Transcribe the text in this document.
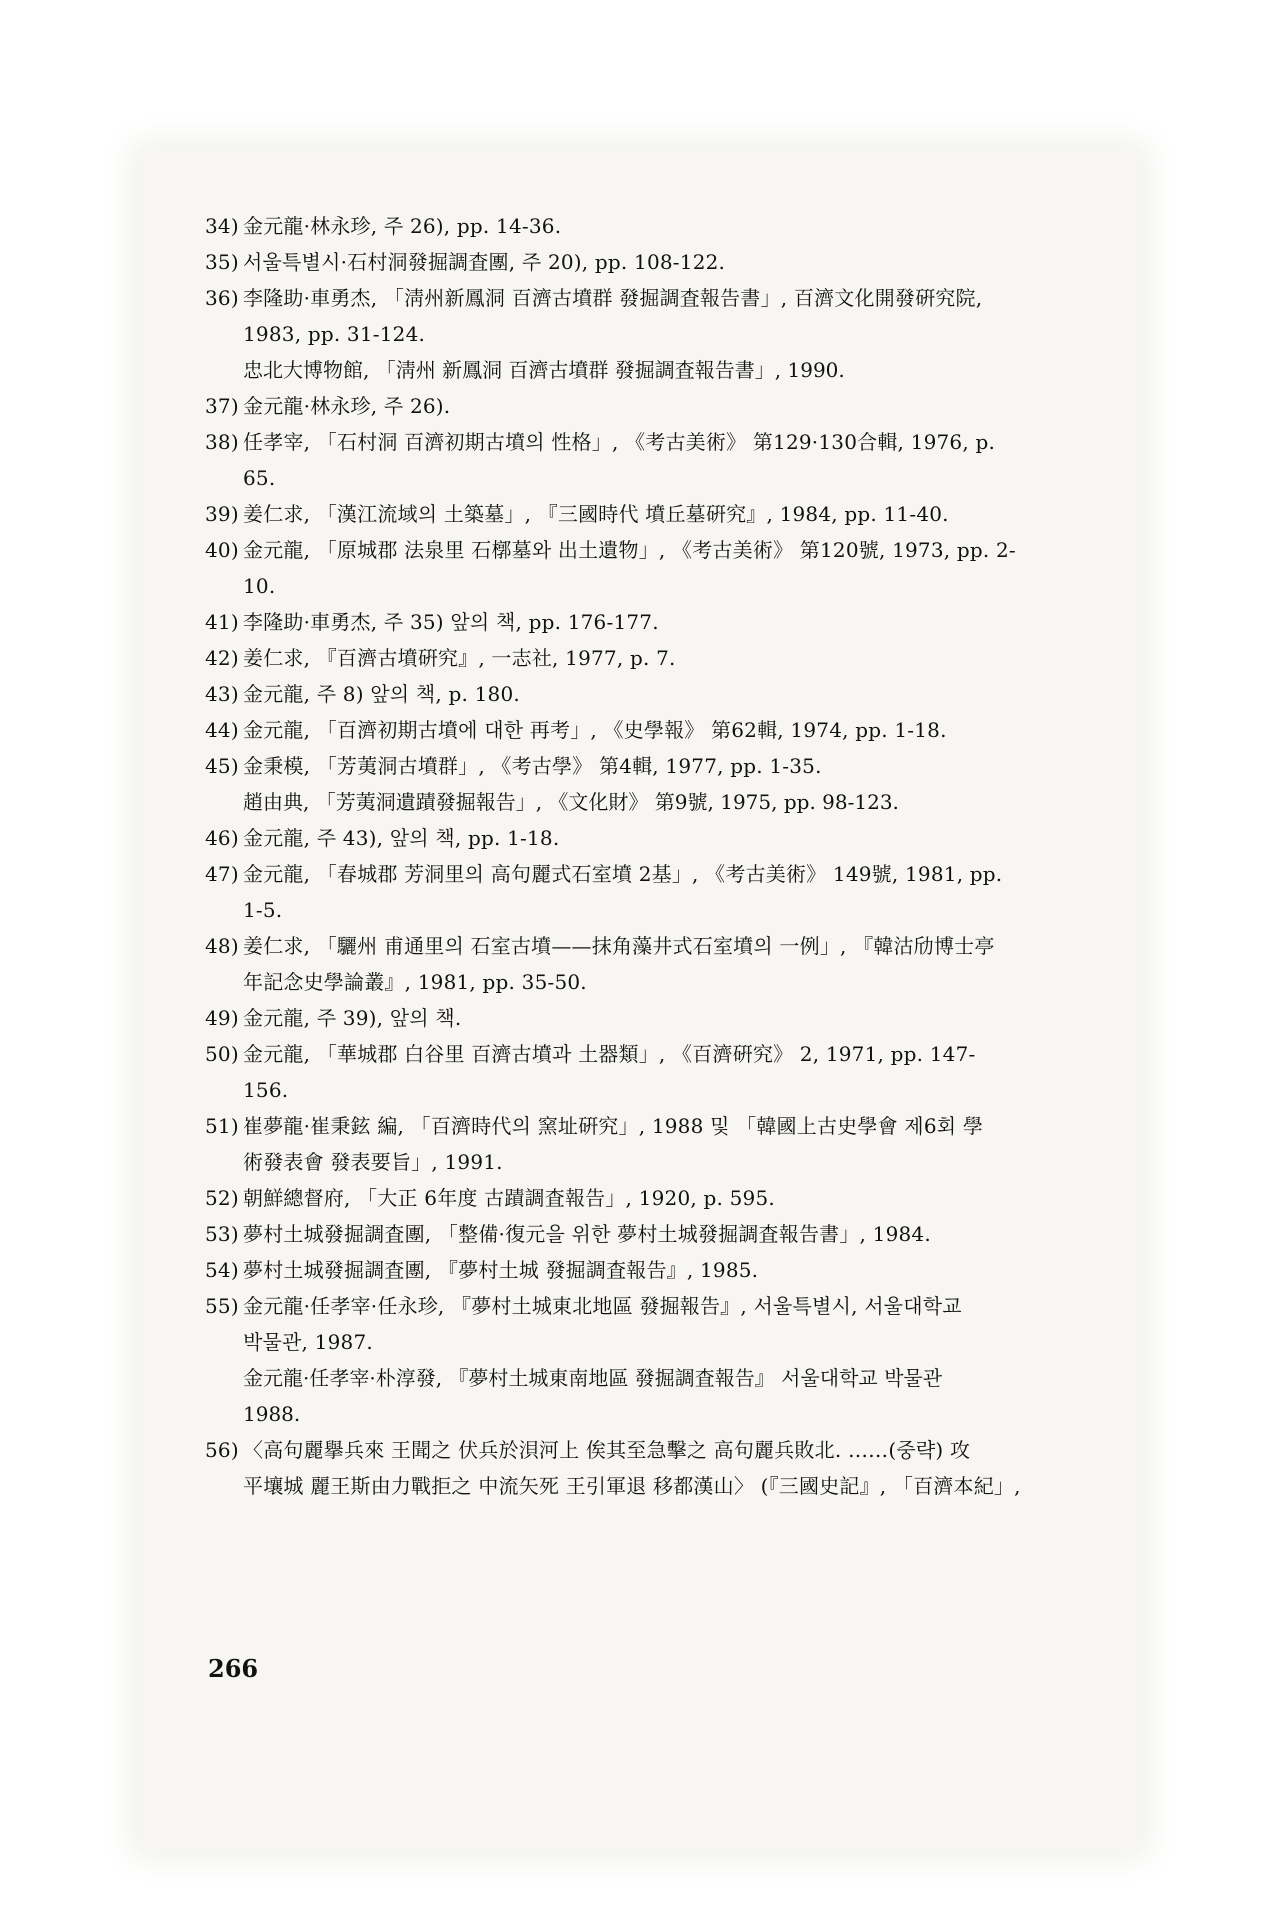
34) 金元龍·林永珍, 주 26), pp. 14-36.
35) 서울특별시·石村洞發掘調査團, 주 20), pp. 108-122.
36) 李隆助·車勇杰, 「淸州新鳳洞 百濟古墳群 發掘調査報告書」, 百濟文化開發硏究院,
1983, pp. 31-124.
忠北大博物館, 「淸州 新鳳洞 百濟古墳群 發掘調査報告書」, 1990.
37) 金元龍·林永珍, 주 26).
38) 任孝宰, 「石村洞 百濟初期古墳의 性格」, 《考古美術》 第129·130合輯, 1976, p.
65.
39) 姜仁求, 「漢江流域의 土築墓」, 『三國時代 墳丘墓硏究』, 1984, pp. 11-40.
40) 金元龍, 「原城郡 法泉里 石槨墓와 出土遺物」, 《考古美術》 第120號, 1973, pp. 2-
10.
41) 李隆助·車勇杰, 주 35) 앞의 책, pp. 176-177.
42) 姜仁求, 『百濟古墳硏究』, 一志社, 1977, p. 7.
43) 金元龍, 주 8) 앞의 책, p. 180.
44) 金元龍, 「百濟初期古墳에 대한 再考」, 《史學報》 第62輯, 1974, pp. 1-18.
45) 金秉模, 「芳荑洞古墳群」, 《考古學》 第4輯, 1977, pp. 1-35.
趙由典, 「芳荑洞遺蹟發掘報告」, 《文化財》 第9號, 1975, pp. 98-123.
46) 金元龍, 주 43), 앞의 책, pp. 1-18.
47) 金元龍, 「春城郡 芳洞里의 高句麗式石室墳 2基」, 《考古美術》 149號, 1981, pp.
1-5.
48) 姜仁求, 「驪州 甫通里의 石室古墳——抹角藻井式石室墳의 一例」, 『韓沽劤博士亭
年記念史學論叢』, 1981, pp. 35-50.
49) 金元龍, 주 39), 앞의 책.
50) 金元龍, 「華城郡 白谷里 百濟古墳과 土器類」, 《百濟硏究》 2, 1971, pp. 147-
156.
51) 崔夢龍·崔秉鉉 編, 「百濟時代의 窯址硏究」, 1988 및 「韓國上古史學會 제6회 學
術發表會 發表要旨」, 1991.
52) 朝鮮總督府, 「大正 6年度 古蹟調査報告」, 1920, p. 595.
53) 夢村土城發掘調査團, 「整備·復元을 위한 夢村土城發掘調査報告書」, 1984.
54) 夢村土城發掘調査團, 『夢村土城 發掘調査報告』, 1985.
55) 金元龍·任孝宰·任永珍, 『夢村土城東北地區 發掘報告』, 서울특별시, 서울대학교
박물관, 1987.
金元龍·任孝宰·朴淳發, 『夢村土城東南地區 發掘調査報告』 서울대학교 박물관
1988.
56) 〈高句麗擧兵來 王聞之 伏兵於浿河上 俟其至急擊之 高句麗兵敗北. ……(중략) 攻
平壤城 麗王斯由力戰拒之 中流矢死 王引軍退 移都漢山〉 (『三國史記』, 「百濟本紀」,
266
